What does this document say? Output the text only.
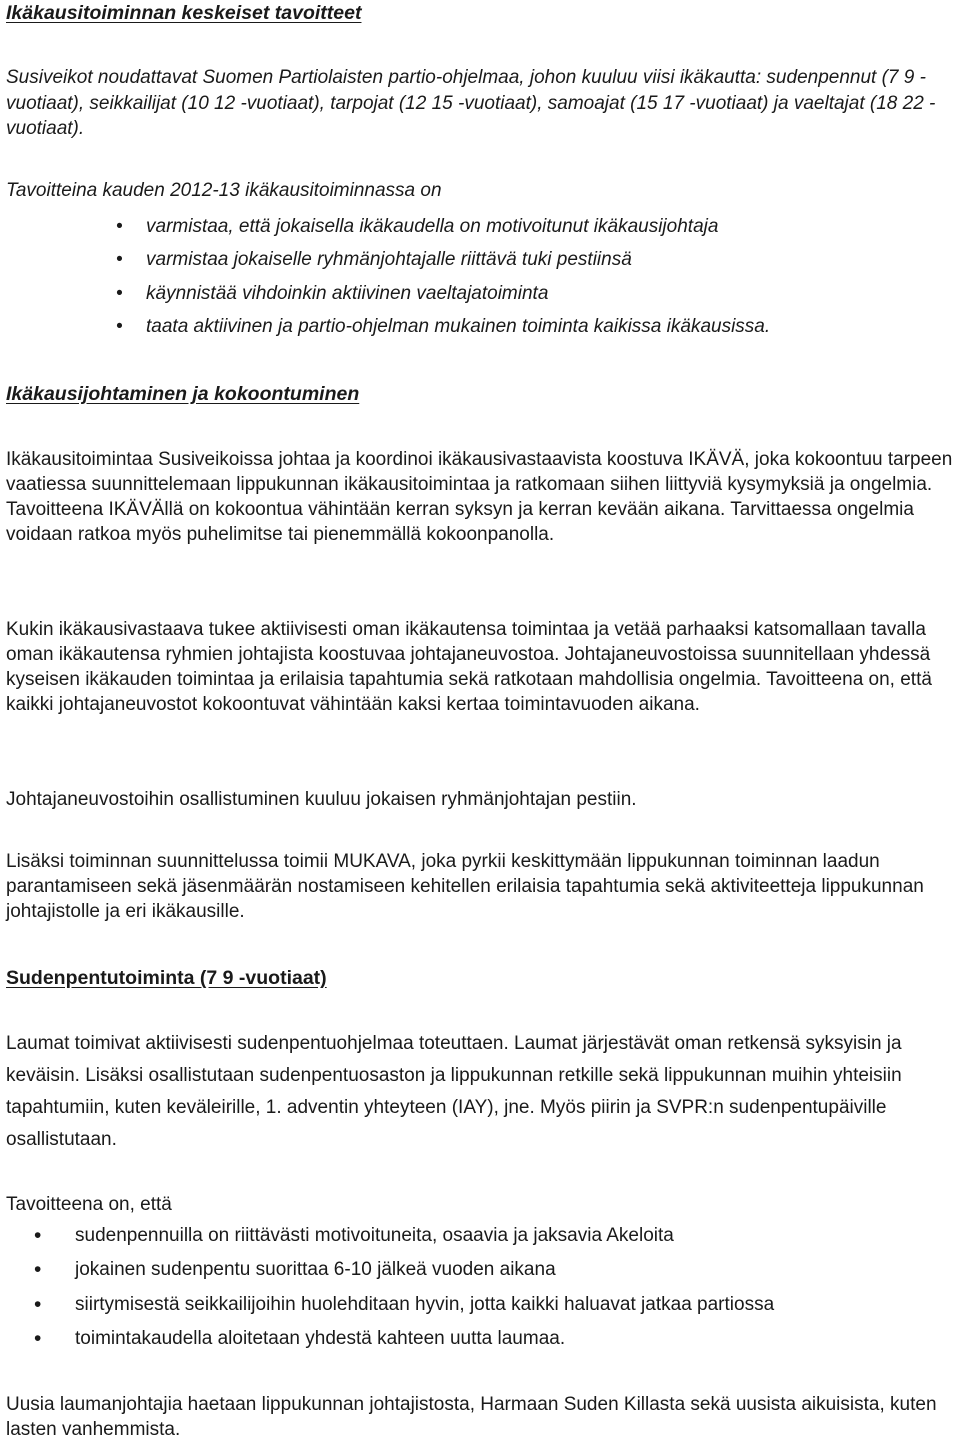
Ikäkausitoiminnan keskeiset tavoitteet

Susiveikot noudattavat Suomen Partiolaisten partio-ohjelmaa, johon kuuluu viisi ikäkautta: sudenpennut (7 9 -vuotiaat), seikkailijat (10 12 -vuotiaat), tarpojat (12 15 -vuotiaat), samoajat (15 17 -vuotiaat) ja vaeltajat (18 22 -vuotiaat).

Tavoitteina kauden 2012-13 ikäkausitoiminnassa on

• varmistaa, että jokaisella ikäkaudella on motivoitunut ikäkausijohtaja
• varmistaa jokaiselle ryhmänjohtajalle riittävä tuki pestiinsä
• käynnistää vihdoinkin aktiivinen vaeltajatoiminta
• taata aktiivinen ja partio-ohjelman mukainen toiminta kaikissa ikäkausissa.
Ikäkausijohtaminen ja kokoontuminen

Ikäkausitoimintaa Susiveikoissa johtaa ja koordinoi ikäkausivastaavista koostuva IKÄVÄ, joka kokoontuu tarpeen vaatiessa suunnittelemaan lippukunnan ikäkausitoimintaa ja ratkomaan siihen liittyviä kysymyksiä ja ongelmia. Tavoitteena IKÄVÄllä on kokoontua vähintään kerran syksyn ja kerran kevään aikana. Tarvittaessa ongelmia voidaan ratkoa myös puhelimitse tai pienemmällä kokoonpanolla.

Kukin ikäkausivastaava tukee aktiivisesti oman ikäkautensa toimintaa ja vetää parhaaksi katsomallaan tavalla oman ikäkautensa ryhmien johtajista koostuvaa johtajaneuvostoa. Johtajaneuvostoissa suunnitellaan yhdessä kyseisen ikäkauden toimintaa ja erilaisia tapahtumia sekä ratkotaan mahdollisia ongelmia. Tavoitteena on, että kaikki johtajaneuvostot kokoontuvat vähintään kaksi kertaa toimintavuoden aikana.

Johtajaneuvostoihin osallistuminen kuuluu jokaisen ryhmänjohtajan pestiin.

Lisäksi toiminnan suunnittelussa toimii MUKAVA, joka pyrkii keskittymään lippukunnan toiminnan laadun parantamiseen sekä jäsenmäärän nostamiseen kehitellen erilaisia tapahtumia sekä aktiviteetteja lippukunnan johtajistolle ja eri ikäkausille.

Sudenpentutoiminta (7 9 -vuotiaat)

Laumat toimivat aktiivisesti sudenpentuohjelmaa toteuttaen. Laumat järjestävät oman retkensä syksyisin ja keväisin. Lisäksi osallistutaan sudenpentuosaston ja lippukunnan retkille sekä lippukunnan muihin yhteisiin tapahtumiin, kuten keväleirille, 1. adventin yhteyteen (IAY), jne. Myös piirin ja SVPR:n sudenpentupäiville osallistutaan.

Tavoitteena on, että

• sudenpennuilla on riittävästi motivoituneita, osaavia ja jaksavia Akeloita
• jokainen sudenpentu suorittaa 6-10 jälkeä vuoden aikana
• siirtymisestä seikkailijoihin huolehditaan hyvin, jotta kaikki haluavat jatkaa partiossa
• toimintakaudella aloitetaan yhdestä kahteen uutta laumaa.

Uusia laumanjohtajia haetaan lippukunnan johtajistosta, Harmaan Suden Killasta sekä uusista aikuisista, kuten lasten vanhemmista.
